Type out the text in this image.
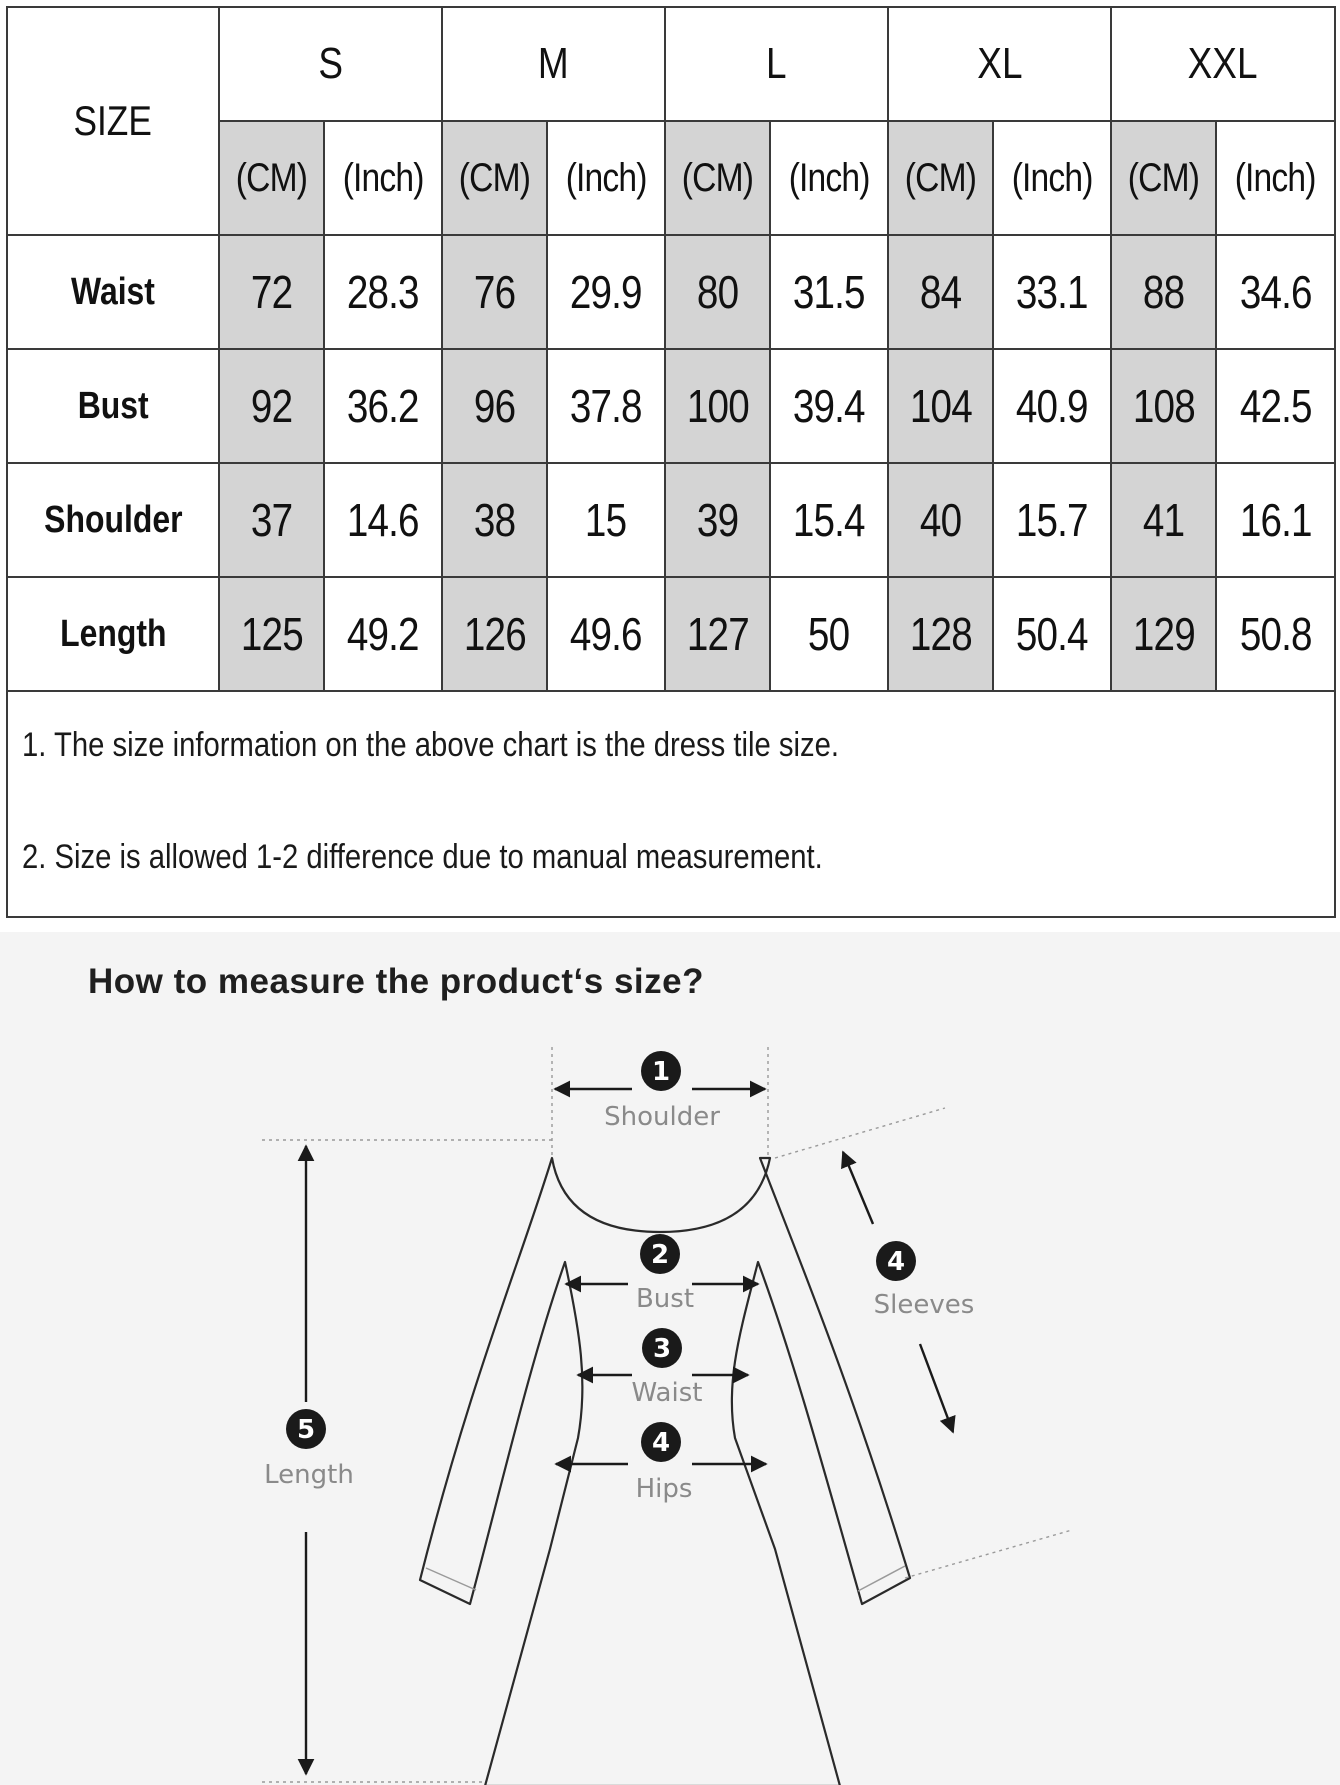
SIZE	S		M		L		XL		XXL	
	(CM)	(Inch)	(CM)	(Inch)	(CM)	(Inch)	(CM)	(Inch)	(CM)	(Inch)
Waist	72	28.3	76	29.9	80	31.5	84	33.1	88	34.6
Bust	92	36.2	96	37.8	100	39.4	104	40.9	108	42.5
Shoulder	37	14.6	38	15	39	15.4	40	15.7	41	16.1
Length	125	49.2	126	49.6	127	50	128	50.4	129	50.8

1. The size information on the above chart is the dress tile size.
2. Size is allowed 1-2 difference due to manual measurement.										
How to measure the product‘s size?
1
Shoulder
2
Bust
3
Waist
4
Hips
4
Sleeves
5
Length
